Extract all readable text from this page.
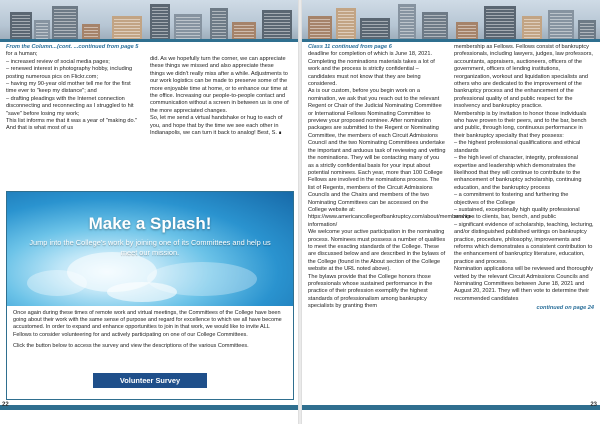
From the Column...(cont. ...continued from page 5

for a human;
– increased review of social media pages;
– renewed interest in photography hobby, including posting numerous pics on Flickr.com;
– having my 90-year old mother tell me for the first time ever to "keep my distance"; and
– drafting pleadings with the Internet connection disconnecting and reconnecting as I struggled to hit "save" before losing my work;
This list informs me that it was a year of "making do." And that is what most of us

did. As we hopefully turn the corner, we can appreciate these things we missed and also appreciate these things we didn't really miss after a while. Adjustments to our work logistics can be made to preserve some of the more enjoyable time at home, or to enhance our time at the office. Increasing our people-to-people contact and communication without a screen in between us is one of the more appreciated changes.
So, let me send a virtual handshake or hug to each of you, and hope that by the time we see each other in Indianapolis, we can turn it back to analog! Best, S. ∎

Make a Splash!
Jump into the College's work by joining one of its Committees and help us meet our mission.

Once again during these times of remote work and virtual meetings, the Committees of the College have been going about their work with the same sense of purpose and regard for excellence to which we all have become accustomed. In order to expand and enhance opportunities to join in that work, we would like to invite ALL Fellows to consider volunteering for and actively participating on one of our College Committees.

Click the button below to access the survey and view the descriptions of the various Committees.

Volunteer Survey
22
Class 11 continued from page 6

deadline for completion of which is June 18, 2021. Completing the nominations materials takes a lot of work and the process is strictly confidential – candidates must not know that they are being considered.
As is our custom, before you begin work on a nomination, we ask that you reach out to the relevant Regent or Chair of the Judicial Nominating Committee or International Fellows Nominating Committee to preview your proposed nominee. After nomination packages are submitted to the Regent or Nominating Committee, the members of each Circuit Admissions Council and the two Nominating Committees undertake the important and arduous task of reviewing and vetting the nominations. They will be contacting many of you as a strictly confidential basis for your input about potential nominees. Each year, more than 100 College Fellows are involved in the nominations process. The list of Regents, members of the Circuit Admissions Councils and the Chairs and members of the two Nominating Committees can be accessed on the College website at: https://www.americancollegeofbankruptcy.com/about/membership-information/
We welcome your active participation in the nominating process. Nominees must possess a number of qualities to meet the exacting standards of the College. These are discussed below and are described in the bylaws of the College (found in the About section of the College website at the URL noted above).
The bylaws provide that the College honors those professionals whose sustained performance in the practice of their profession exemplify the highest standards of professionalism among bankruptcy specialists by granting them

membership as Fellows. Fellows consist of bankruptcy professionals, including lawyers, judges, law professors, accountants, appraisers, auctioneers, officers of the government, officers of lending institutions, reorganization, workout and liquidation specialists and others who are dedicated to the improvement of the bankruptcy process and the enhancement of the professional quality of and public respect for the insolvency and bankruptcy practice.
Membership is by invitation to honor those individuals who have proven to their peers, and to the bar, bench and public, through long, continuous performance in their bankruptcy specialty that they possess:
– the highest professional qualifications and ethical standards
– the high level of character, integrity, professional expertise and leadership which demonstrates the likelihood that they will continue to contribute to the enhancement of bankruptcy scholarship, continuing education, and the bankruptcy process
– a commitment to fostering and furthering the objectives of the College
– sustained, exceptionally high quality professional services to clients, bar, bench, and public
– significant evidence of scholarship, teaching, lecturing, and/or distinguished published writings on bankruptcy practice, procedure, philosophy, improvements and reforms which demonstrates a consistent contribution to the enhancement of bankruptcy literature, education, practice and process.
Nomination applications will be reviewed and thoroughly vetted by the relevant Circuit Admissions Councils and Nominating Committees between June 18, 2021 and August 20, 2021. They will then vote to determine their recommended candidates

continued on page 24
23
